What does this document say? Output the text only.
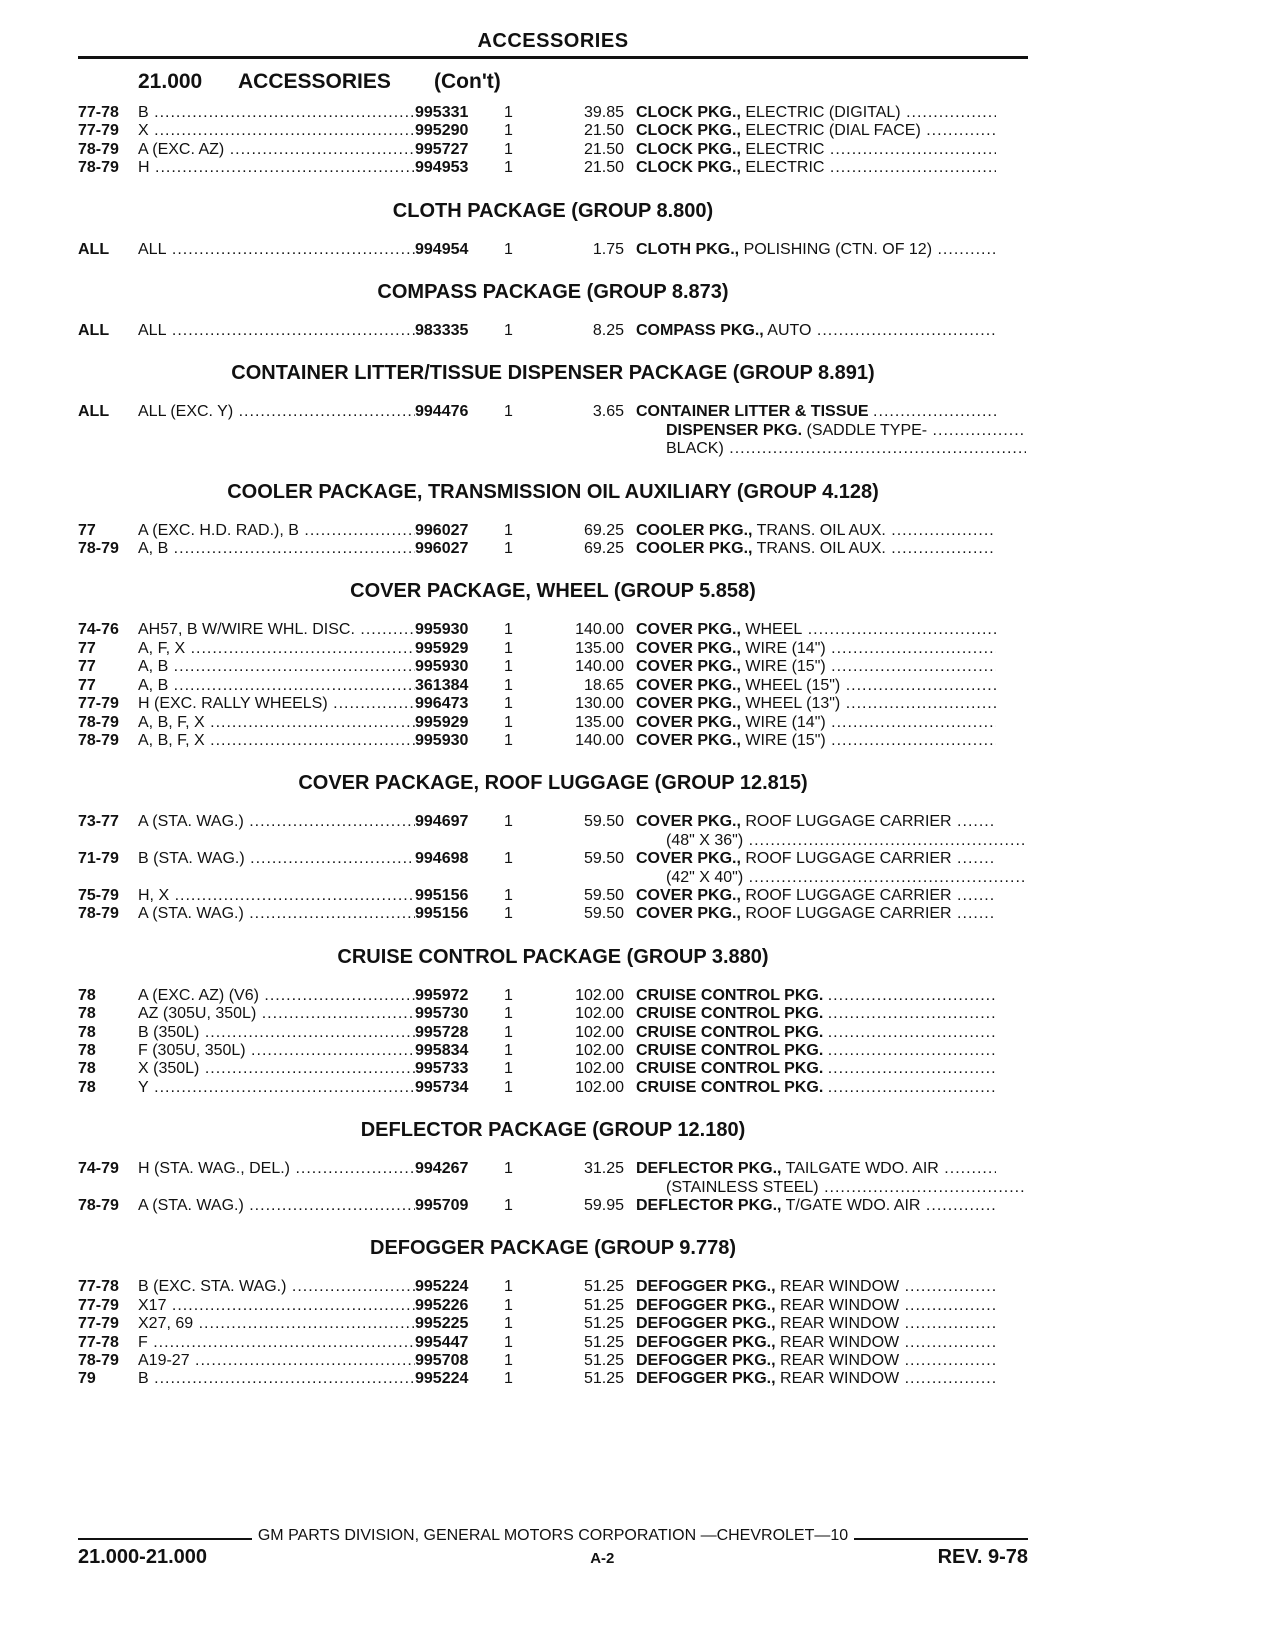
ACCESSORIES
21.000	ACCESSORIES	(Con't)
77-78	B .....	995331	1	39.85 CLOCK PKG., ELECTRIC (DIGITAL) .....
77-79	X .....	995290	1	21.50 CLOCK PKG., ELECTRIC (DIAL FACE) .....
78-79	A (EXC. AZ) .....	995727	1	21.50 CLOCK PKG., ELECTRIC .....
78-79	H .....	994953	1	21.50 CLOCK PKG., ELECTRIC .....
CLOTH PACKAGE (GROUP 8.800)
ALL	ALL .....	994954	1	1.75 CLOTH PKG., POLISHING (CTN. OF 12) .....
COMPASS PACKAGE (GROUP 8.873)
ALL	ALL .....	983335	1	8.25 COMPASS PKG., AUTO .....
CONTAINER LITTER/TISSUE DISPENSER PACKAGE (GROUP 8.891)
ALL	ALL (EXC. Y) .....	994476	1	3.65 CONTAINER LITTER & TISSUE .....
DISPENSER PKG. (SADDLE TYPE- .....
BLACK) .....
COOLER PACKAGE, TRANSMISSION OIL AUXILIARY (GROUP 4.128)
77	A (EXC. H.D. RAD.), B .....	996027	1	69.25 COOLER PKG., TRANS. OIL AUX. .....
78-79	A, B .....	996027	1	69.25 COOLER PKG., TRANS. OIL AUX. .....
COVER PACKAGE, WHEEL (GROUP 5.858)
74-76	AH57, B W/WIRE WHL. DISC. .....	995930	1	140.00 COVER PKG., WHEEL .....
77	A, F, X .....	995929	1	135.00 COVER PKG., WIRE (14") .....
77	A, B .....	995930	1	140.00 COVER PKG., WIRE (15") .....
77	A, B .....	361384	1	18.65 COVER PKG., WHEEL (15") .....
77-79	H (EXC. RALLY WHEELS) .....	996473	1	130.00 COVER PKG., WHEEL (13") .....
78-79	A, B, F, X .....	995929	1	135.00 COVER PKG., WIRE (14") .....
78-79	A, B, F, X .....	995930	1	140.00 COVER PKG., WIRE (15") .....
COVER PACKAGE, ROOF LUGGAGE (GROUP 12.815)
73-77	A (STA. WAG.) .....	994697	1	59.50 COVER PKG., ROOF LUGGAGE CARRIER .....
(48" X 36") .....
71-79	B (STA. WAG.) .....	994698	1	59.50 COVER PKG., ROOF LUGGAGE CARRIER .....
(42" X 40") .....
75-79	H, X .....	995156	1	59.50 COVER PKG., ROOF LUGGAGE CARRIER .....
78-79	A (STA. WAG.) .....	995156	1	59.50 COVER PKG., ROOF LUGGAGE CARRIER .....
CRUISE CONTROL PACKAGE (GROUP 3.880)
78	A (EXC. AZ) (V6) .....	995972	1	102.00 CRUISE CONTROL PKG. .....
78	AZ (305U, 350L) .....	995730	1	102.00 CRUISE CONTROL PKG. .....
78	B (350L) .....	995728	1	102.00 CRUISE CONTROL PKG. .....
78	F (305U, 350L) .....	995834	1	102.00 CRUISE CONTROL PKG. .....
78	X (350L) .....	995733	1	102.00 CRUISE CONTROL PKG. .....
78	Y .....	995734	1	102.00 CRUISE CONTROL PKG. .....
DEFLECTOR PACKAGE (GROUP 12.180)
74-79	H (STA. WAG., DEL.) .....	994267	1	31.25 DEFLECTOR PKG., TAILGATE WDO. AIR .....
(STAINLESS STEEL) .....
78-79	A (STA. WAG.) .....	995709	1	59.95 DEFLECTOR PKG., T/GATE WDO. AIR .....
DEFOGGER PACKAGE (GROUP 9.778)
77-78	B (EXC. STA. WAG.) .....	995224	1	51.25 DEFOGGER PKG., REAR WINDOW .....
77-79	X17 .....	995226	1	51.25 DEFOGGER PKG., REAR WINDOW .....
77-79	X27, 69 .....	995225	1	51.25 DEFOGGER PKG., REAR WINDOW .....
77-78	F .....	995447	1	51.25 DEFOGGER PKG., REAR WINDOW .....
78-79	A19-27 .....	995708	1	51.25 DEFOGGER PKG., REAR WINDOW .....
79	B .....	995224	1	51.25 DEFOGGER PKG., REAR WINDOW .....
GM PARTS DIVISION, GENERAL MOTORS CORPORATION —CHEVROLET—10
21.000-21.000	A-2	REV. 9-78
